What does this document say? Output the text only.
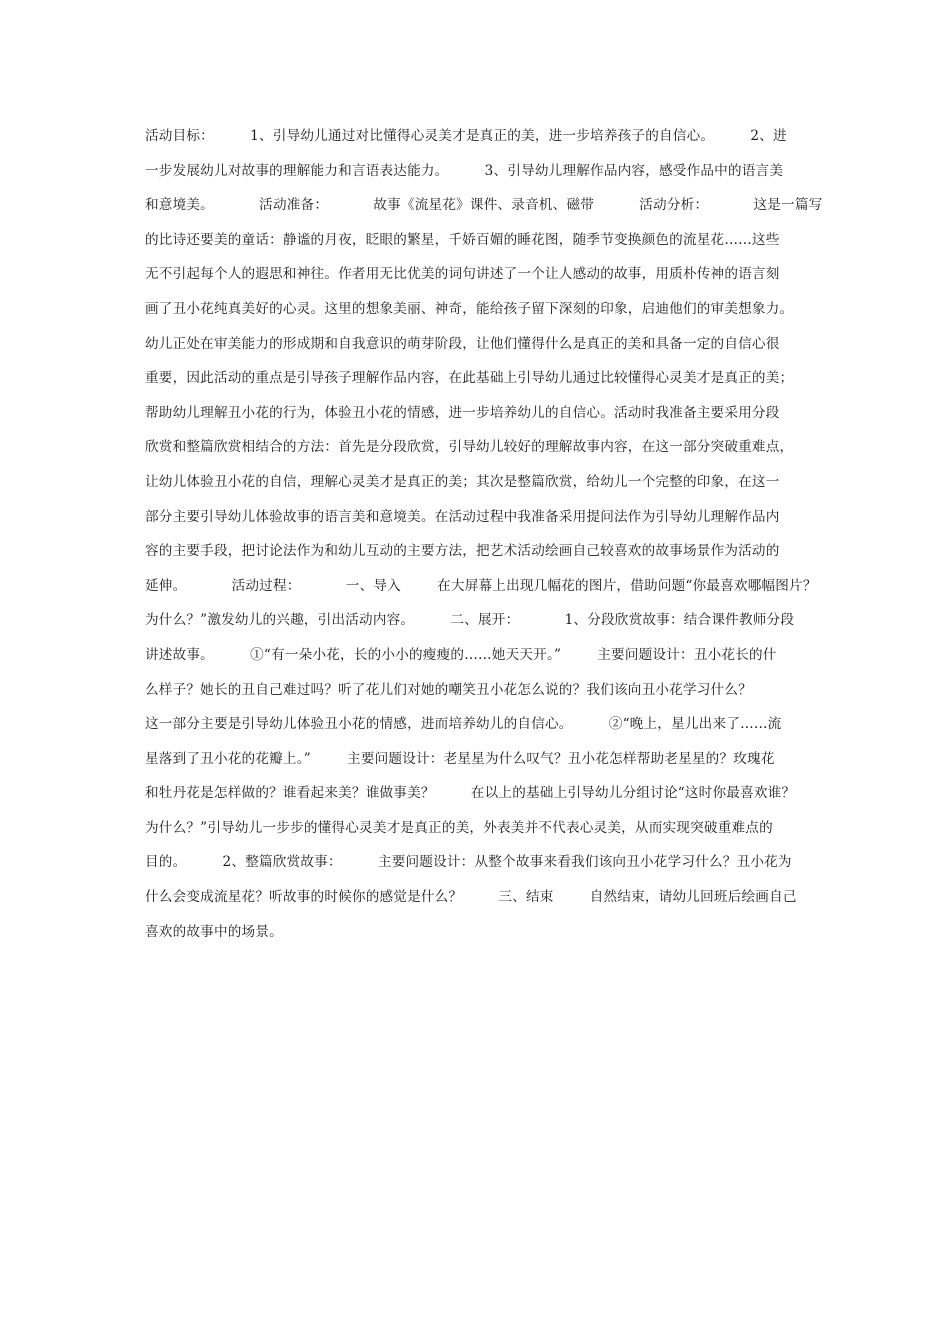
活动目标：        1、引导幼儿通过对比懂得心灵美才是真正的美，进一步培养孩子的自信心。        2、进
一步发展幼儿对故事的理解能力和言语表达能力。        3、引导幼儿理解作品内容，感受作品中的语言美
和意境美。          活动准备：          故事《流星花》课件、录音机、磁带          活动分析：          这是一篇写
的比诗还要美的童话：静谧的月夜，眨眼的繁星，千娇百媚的睡花图，随季节变换颜色的流星花……这些
无不引起每个人的遐思和神往。作者用无比优美的词句讲述了一个让人感动的故事，用质朴传神的语言刻
画了丑小花纯真美好的心灵。这里的想象美丽、神奇，能给孩子留下深刻的印象，启迪他们的审美想象力。
幼儿正处在审美能力的形成期和自我意识的萌芽阶段，让他们懂得什么是真正的美和具备一定的自信心很
重要，因此活动的重点是引导孩子理解作品内容，在此基础上引导幼儿通过比较懂得心灵美才是真正的美；
帮助幼儿理解丑小花的行为，体验丑小花的情感，进一步培养幼儿的自信心。活动时我准备主要采用分段
欣赏和整篇欣赏相结合的方法：首先是分段欣赏，引导幼儿较好的理解故事内容，在这一部分突破重难点，
让幼儿体验丑小花的自信，理解心灵美才是真正的美；其次是整篇欣赏，给幼儿一个完整的印象，在这一
部分主要引导幼儿体验故事的语言美和意境美。在活动过程中我准备采用提问法作为引导幼儿理解作品内
容的主要手段，把讨论法作为和幼儿互动的主要方法，把艺术活动绘画自己较喜欢的故事场景作为活动的
延伸。          活动过程：          一、导入        在大屏幕上出现几幅花的图片，借助问题“你最喜欢哪幅图片？
为什么？”激发幼儿的兴趣，引出活动内容。        二、展开：          1、分段欣赏故事：结合课件教师分段
讲述故事。        ①“有一朵小花，长的小小的瘦瘦的……她天天开。”        主要问题设计：丑小花长的什
么样子？她长的丑自己难过吗？听了花儿们对她的嘲笑丑小花怎么说的？我们该向丑小花学习什么？
这一部分主要是引导幼儿体验丑小花的情感，进而培养幼儿的自信心。        ②“晚上，星儿出来了……流
星落到了丑小花的花瓣上。”        主要问题设计：老星星为什么叹气？丑小花怎样帮助老星星的？玫瑰花
和牡丹花是怎样做的？谁看起来美？谁做事美？        在以上的基础上引导幼儿分组讨论“这时你最喜欢谁？
为什么？”引导幼儿一步步的懂得心灵美才是真正的美，外表美并不代表心灵美，从而实现突破重难点的
目的。        2、整篇欣赏故事：        主要问题设计：从整个故事来看我们该向丑小花学习什么？丑小花为
什么会变成流星花？听故事的时候你的感觉是什么？        三、结束        自然结束，请幼儿回班后绘画自己
喜欢的故事中的场景。
